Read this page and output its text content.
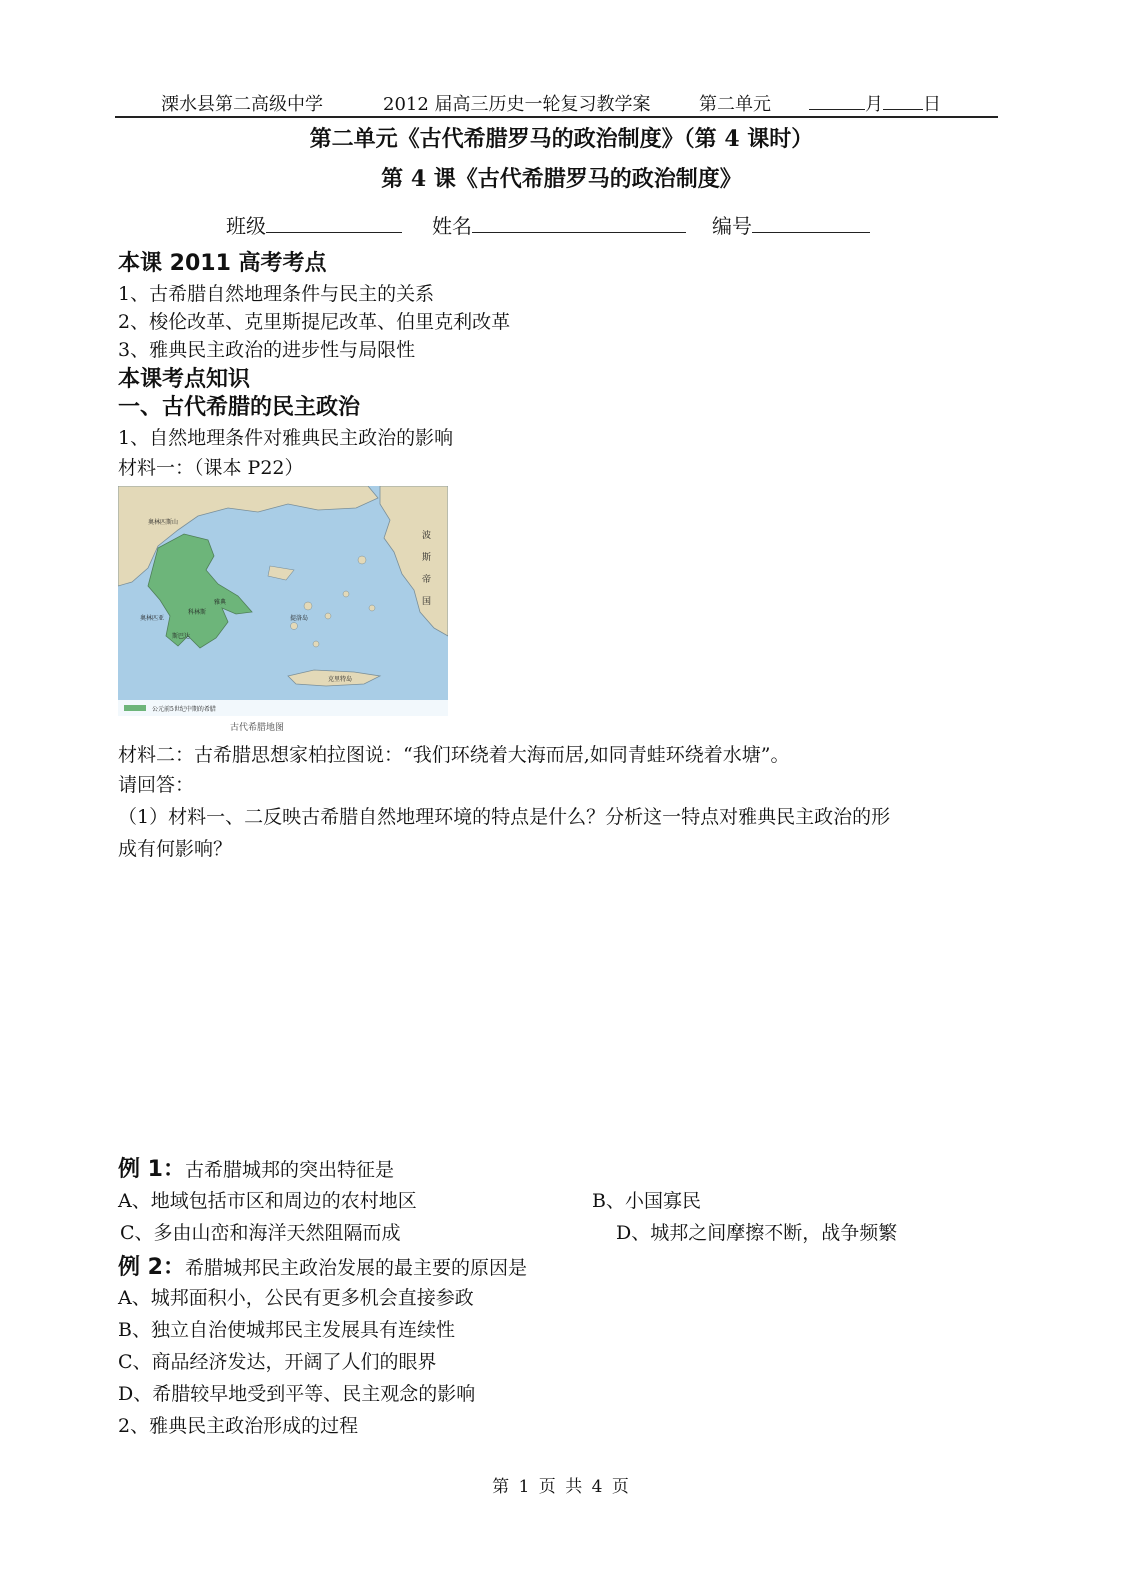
溧水县第二高级中学	2012 届高三历史一轮复习教学案	第二单元	月 日
第二单元《古代希腊罗马的政治制度》（第 4 课时）
第 4 课《古代希腊罗马的政治制度》
班级	姓名	编号
本课 2011 高考考点
1、古希腊自然地理条件与民主的关系
2、梭伦改革、克里斯提尼改革、伯里克利改革
3、雅典民主政治的进步性与局限性
本课考点知识
一、古代希腊的民主政治
1、自然地理条件对雅典民主政治的影响
材料一：（课本 P22）
波
斯
帝
国
奥林匹斯山
雅典
科林斯
奥林匹亚
斯巴达
提洛岛
克里特岛
公元前5世纪中期的希腊
古代希腊地图
材料二：古希腊思想家柏拉图说：“我们环绕着大海而居,如同青蛙环绕着水塘”。
请回答：
（1）材料一、二反映古希腊自然地理环境的特点是什么？分析这一特点对雅典民主政治的形
成有何影响？
例 1：古希腊城邦的突出特征是
A、地域包括市区和周边的农村地区	B、小国寡民
C、多由山峦和海洋天然阻隔而成	D、城邦之间摩擦不断，战争频繁
例 2：希腊城邦民主政治发展的最主要的原因是
A、城邦面积小，公民有更多机会直接参政
B、独立自治使城邦民主发展具有连续性
C、商品经济发达，开阔了人们的眼界
D、希腊较早地受到平等、民主观念的影响
2、雅典民主政治形成的过程
第 1 页 共 4 页
